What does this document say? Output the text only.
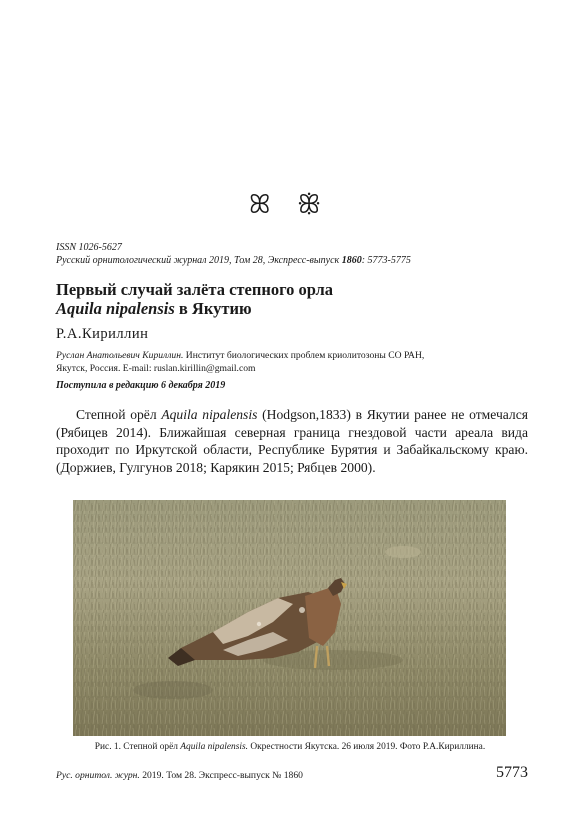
ꕤ ꕥ
ISSN 1026-5627
Русский орнитологический журнал 2019, Том 28, Экспресс-выпуск 1860: 5773-5775
Первый случай залёта степного орла
Aquila nipalensis в Якутию
Р.А.Кириллин
Руслан Анатольевич Кириллин. Институт биологических проблем криолитозоны СО РАН,
Якутск, Россия. E-mail: ruslan.kirillin@gmail.com
Поступила в редакцию 6 декабря 2019

Степной орёл Aquila nipalensis (Hodgson,1833) в Якутии ранее не отмечался (Рябицев 2014). Ближайшая северная граница гнездовой части ареала вида проходит по Иркутской области, Республике Бурятия и Забайкальскому краю. (Доржиев, Гулгунов 2018; Карякин 2015; Рябцев 2000).

Рис. 1. Степной орёл Aquila nipalensis. Окрестности Якутска. 26 июля 2019. Фото Р.А.Кириллина.
Рус. орнитол. журн. 2019. Том 28. Экспресс-выпуск № 1860	5773
